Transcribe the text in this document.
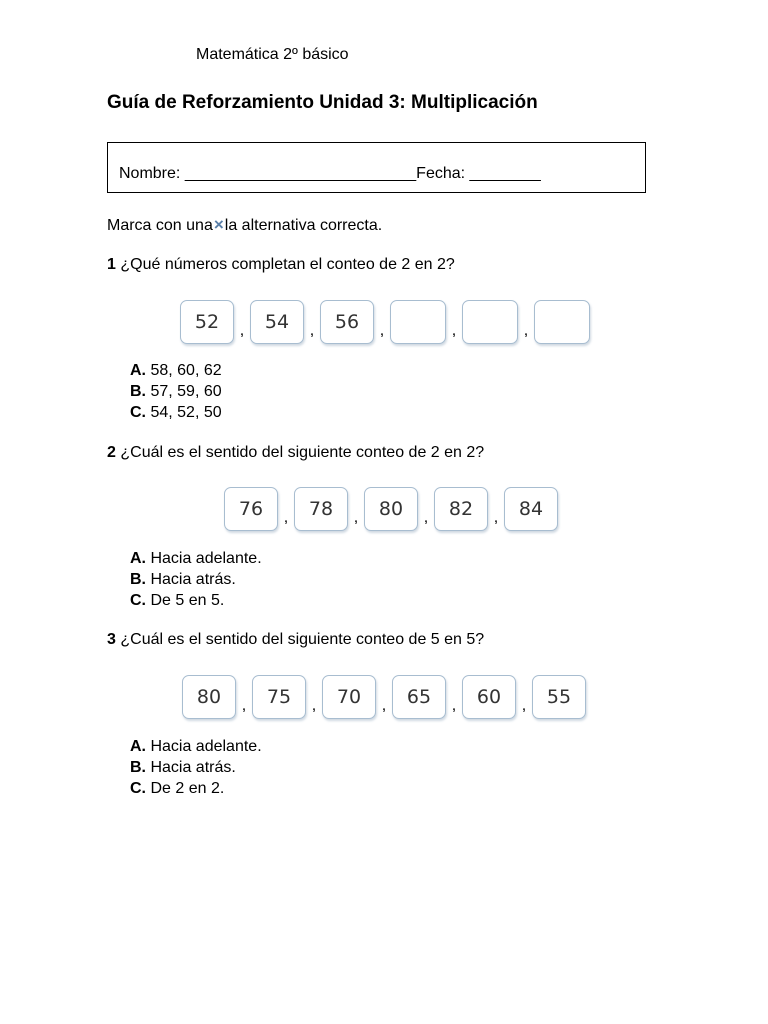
Matemática 2º básico
Guía de Reforzamiento Unidad 3: Multiplicación
Nombre: __________________________Fecha: ________
Marca con una×la alternativa correcta.
1 ¿Qué números completan el conteo de 2 en 2?
52	,	54	,	56	,	,	,
A. 58, 60, 62
B. 57, 59, 60
C. 54, 52, 50
2 ¿Cuál es el sentido del siguiente conteo de 2 en 2?
76	,	78	,	80	,	82	,	84
A. Hacia adelante.
B. Hacia atrás.
C. De 5 en 5.
3 ¿Cuál es el sentido del siguiente conteo de 5 en 5?
80	,	75	,	70	,	65	,	60	,	55
A. Hacia adelante.
B. Hacia atrás.
C. De 2 en 2.
